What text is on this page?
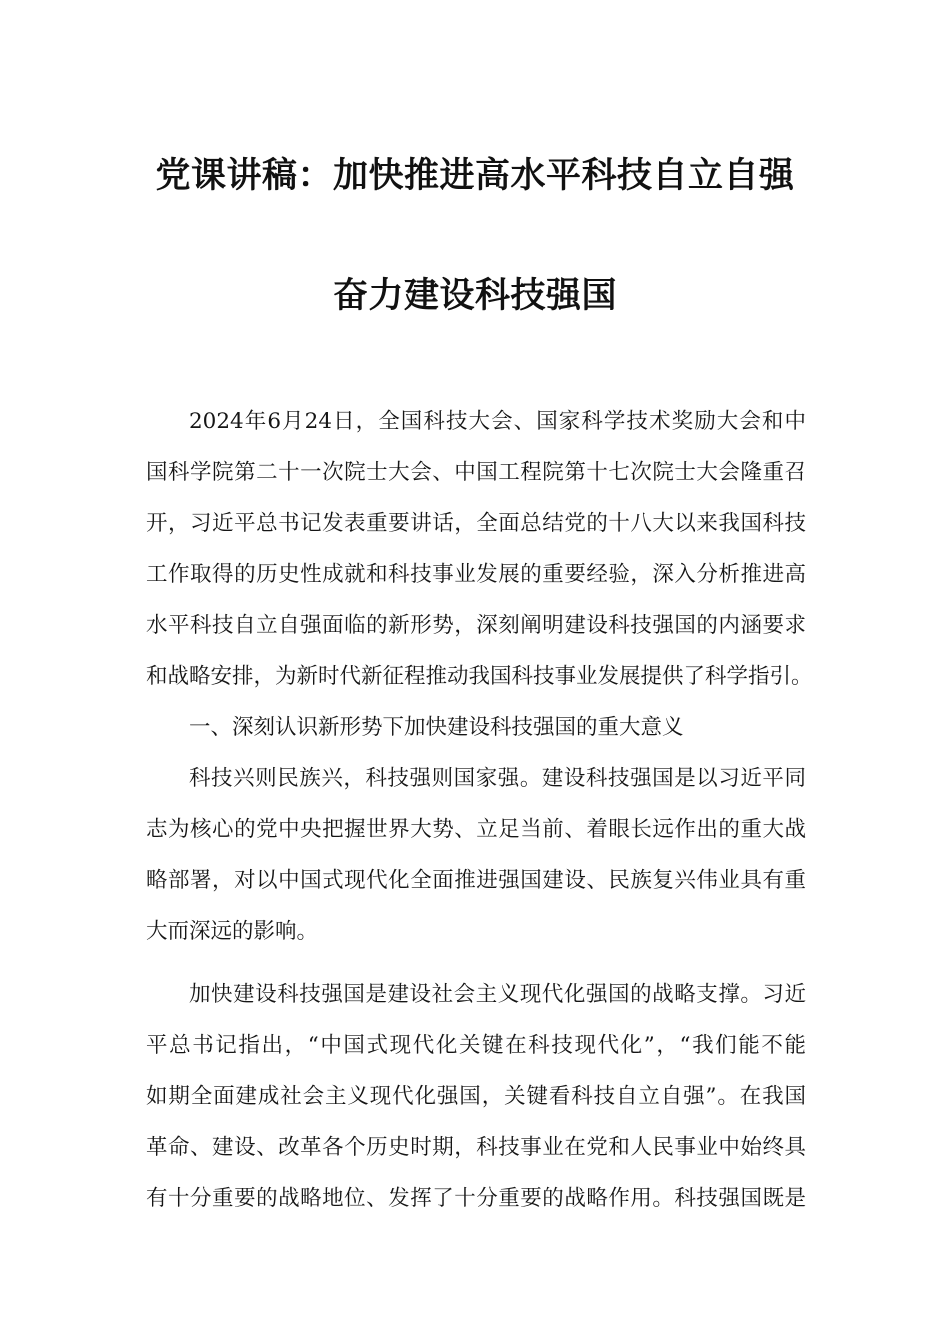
党课讲稿：加快推进高水平科技自立自强
奋力建设科技强国
2024年6月24日，全国科技大会、国家科学技术奖励大会和中
国科学院第二十一次院士大会、中国工程院第十七次院士大会隆重召
开，习近平总书记发表重要讲话，全面总结党的十八大以来我国科技
工作取得的历史性成就和科技事业发展的重要经验，深入分析推进高
水平科技自立自强面临的新形势，深刻阐明建设科技强国的内涵要求
和战略安排，为新时代新征程推动我国科技事业发展提供了科学指引。
一、深刻认识新形势下加快建设科技强国的重大意义
科技兴则民族兴，科技强则国家强。建设科技强国是以习近平同
志为核心的党中央把握世界大势、立足当前、着眼长远作出的重大战
略部署，对以中国式现代化全面推进强国建设、民族复兴伟业具有重
大而深远的影响。
加快建设科技强国是建设社会主义现代化强国的战略支撑。习近
平总书记指出，“中国式现代化关键在科技现代化”，“我们能不能
如期全面建成社会主义现代化强国，关键看科技自立自强”。在我国
革命、建设、改革各个历史时期，科技事业在党和人民事业中始终具
有十分重要的战略地位、发挥了十分重要的战略作用。科技强国既是
